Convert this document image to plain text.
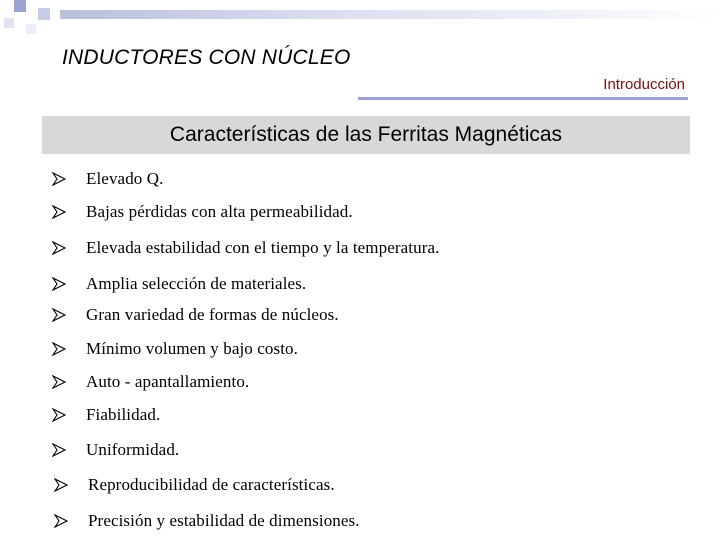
INDUCTORES CON NÚCLEO
Introducción
Características de las Ferritas Magnéticas
Elevado Q.
Bajas pérdidas con alta permeabilidad.
Elevada estabilidad con el tiempo y la temperatura.
Amplia selección de materiales.
Gran variedad de formas de núcleos.
Mínimo volumen y bajo costo.
Auto - apantallamiento.
Fiabilidad.
Uniformidad.
Reproducibilidad de características.
Precisión y estabilidad de dimensiones.
